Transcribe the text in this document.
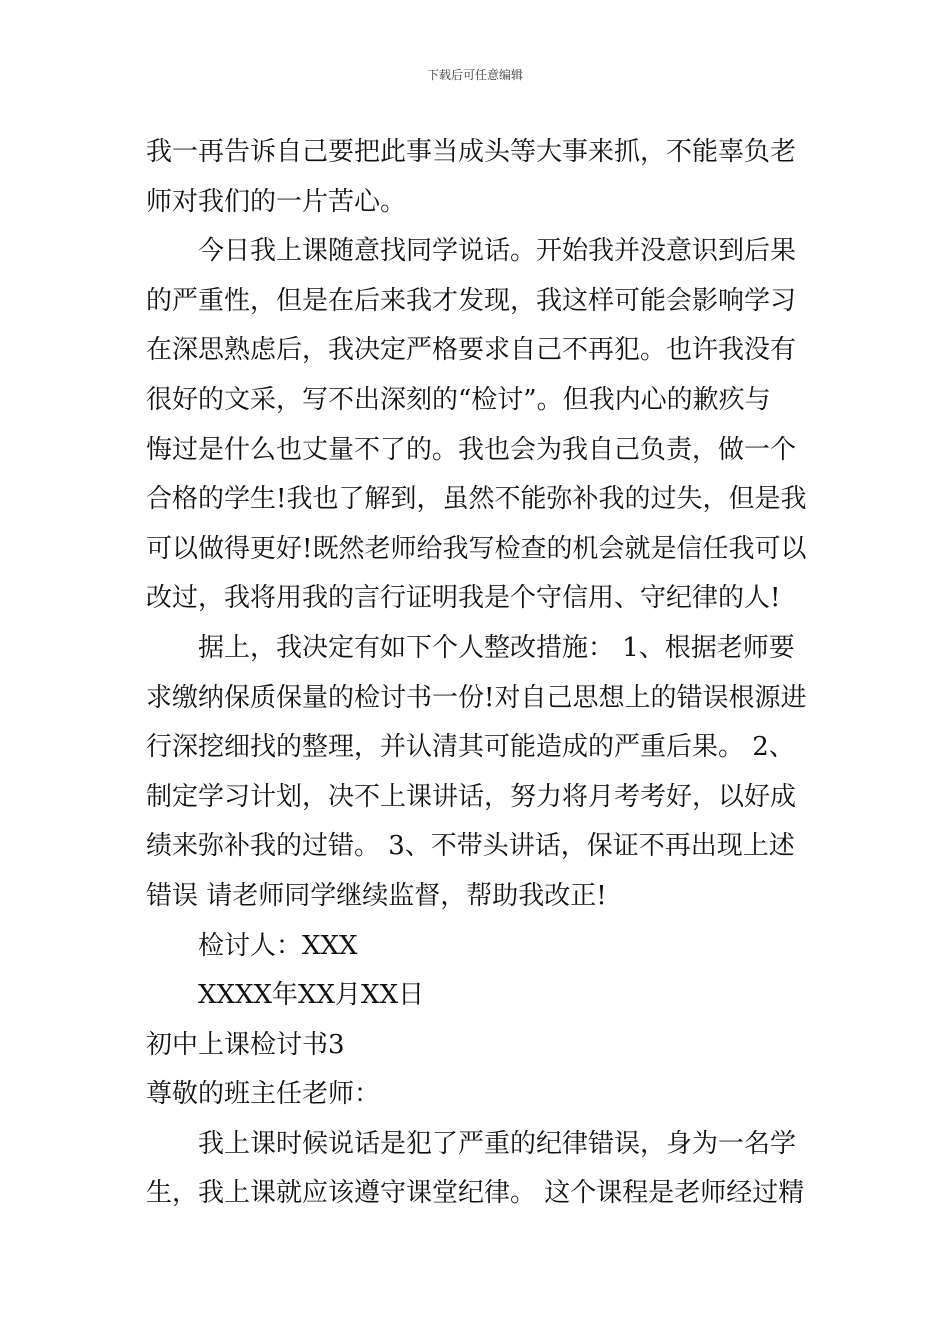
下载后可任意编辑
我一再告诉自己要把此事当成头等大事来抓，不能辜负老
师对我们的一片苦心。
今日我上课随意找同学说话。开始我并没意识到后果
的严重性，但是在后来我才发现，我这样可能会影响学习
在深思熟虑后，我决定严格要求自己不再犯。也许我没有
很好的文采，写不出深刻的“检讨”。但我内心的歉疚与
悔过是什么也丈量不了的。我也会为我自己负责，做一个
合格的学生!我也了解到，虽然不能弥补我的过失，但是我
可以做得更好!既然老师给我写检查的机会就是信任我可以
改过，我将用我的言行证明我是个守信用、守纪律的人!
据上，我决定有如下个人整改措施： 1、根据老师要
求缴纳保质保量的检讨书一份!对自己思想上的错误根源进
行深挖细找的整理，并认清其可能造成的严重后果。 2、
制定学习计划，决不上课讲话，努力将月考考好，以好成
绩来弥补我的过错。 3、不带头讲话，保证不再出现上述
错误 请老师同学继续监督，帮助我改正!
检讨人：XXX
XXXX年XX月XX日
初中上课检讨书3
尊敬的班主任老师：
我上课时候说话是犯了严重的纪律错误，身为一名学
生，我上课就应该遵守课堂纪律。 这个课程是老师经过精
